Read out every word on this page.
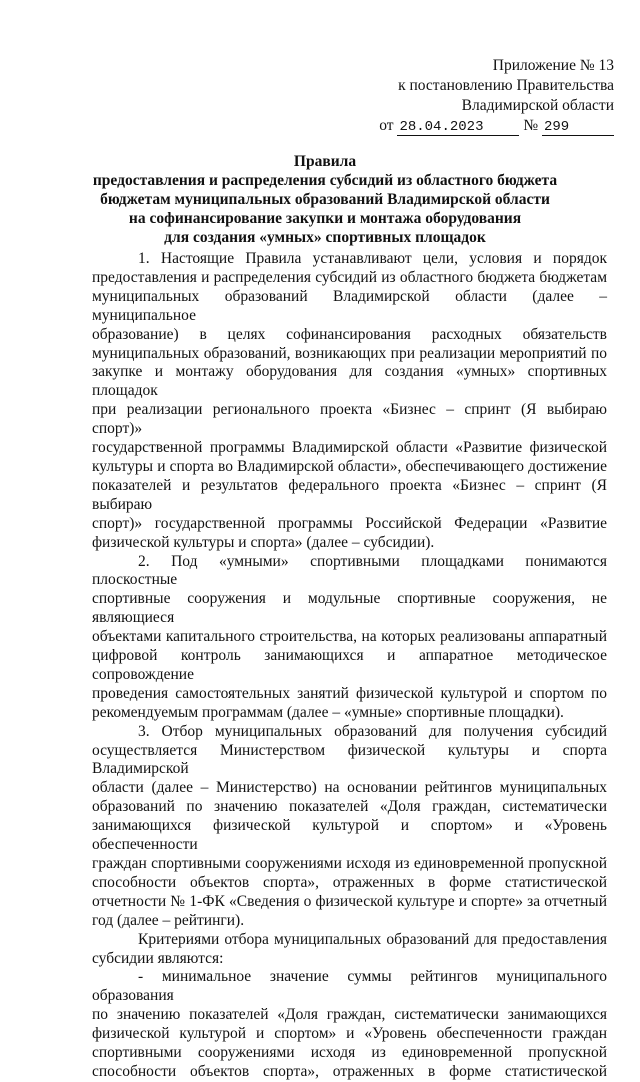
Приложение № 13
к постановлению Правительства
Владимирской области
от 28.04.2023	№ 299
Правила
предоставления и распределения субсидий из областного бюджета
бюджетам муниципальных образований Владимирской области
на софинансирование закупки и монтажа оборудования
для создания «умных» спортивных площадок
1. Настоящие Правила устанавливают цели, условия и порядок
предоставления и распределения субсидий из областного бюджета бюджетам
муниципальных образований Владимирской области (далее – муниципальное
образование) в целях софинансирования расходных обязательств
муниципальных образований, возникающих при реализации мероприятий по
закупке и монтажу оборудования для создания «умных» спортивных площадок
при реализации регионального проекта «Бизнес – спринт (Я выбираю спорт)»
государственной программы Владимирской области «Развитие физической
культуры и спорта во Владимирской области», обеспечивающего достижение
показателей и результатов федерального проекта «Бизнес – спринт (Я выбираю
спорт)» государственной программы Российской Федерации «Развитие
физической культуры и спорта» (далее – субсидии).
2. Под «умными» спортивными площадками понимаются плоскостные
спортивные сооружения и модульные спортивные сооружения, не являющиеся
объектами капитального строительства, на которых реализованы аппаратный
цифровой контроль занимающихся и аппаратное методическое сопровождение
проведения самостоятельных занятий физической культурой и спортом по
рекомендуемым программам (далее – «умные» спортивные площадки).
3. Отбор муниципальных образований для получения субсидий
осуществляется Министерством физической культуры и спорта Владимирской
области (далее – Министерство) на основании рейтингов муниципальных
образований по значению показателей «Доля граждан, систематически
занимающихся физической культурой и спортом» и «Уровень обеспеченности
граждан спортивными сооружениями исходя из единовременной пропускной
способности объектов спорта», отраженных в форме статистической
отчетности № 1-ФК «Сведения о физической культуре и спорте» за отчетный
год (далее – рейтинги).
Критериями отбора муниципальных образований для предоставления
субсидии являются:
- минимальное значение суммы рейтингов муниципального образования
по значению показателей «Доля граждан, систематически занимающихся
физической культурой и спортом» и «Уровень обеспеченности граждан
спортивными сооружениями исходя из единовременной пропускной
способности объектов спорта», отраженных в форме статистической
